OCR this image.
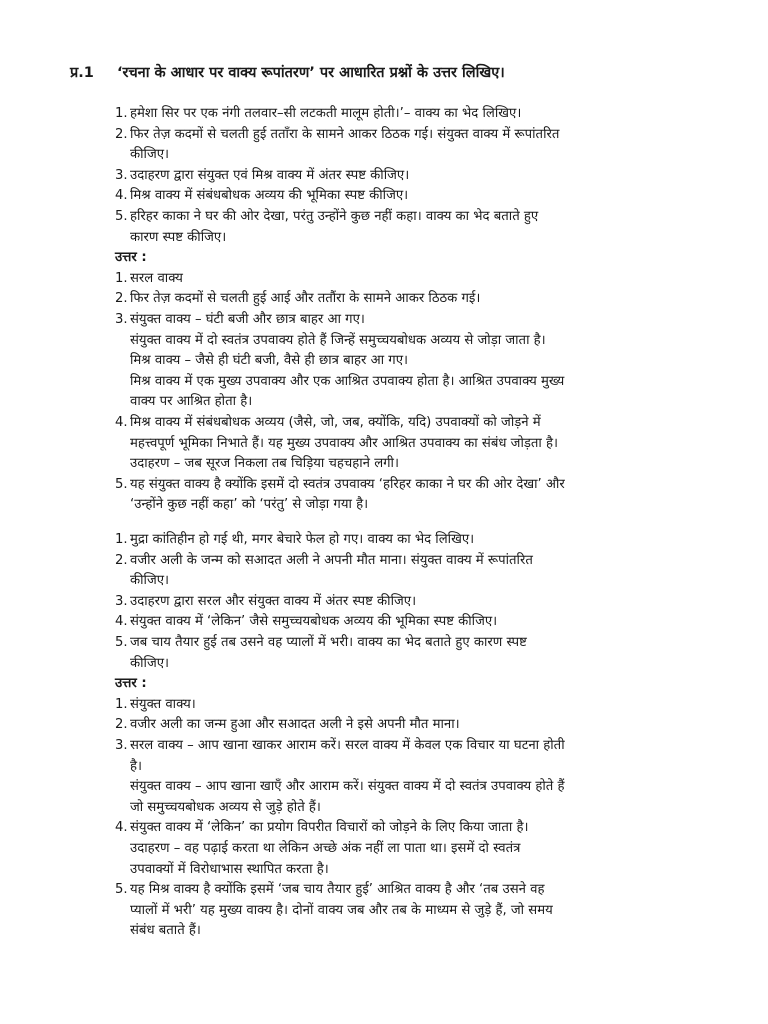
प्र.1 ‘रचना के आधार पर वाक्य रूपांतरण’ पर आधारित प्रश्नों के उत्तर लिखिए।
1. हमेशा सिर पर एक नंगी तलवार–सी लटकती मालूम होती।’– वाक्य का भेद लिखिए।
2. फिर तेज़ कदमों से चलती हुई तताँरा के सामने आकर ठिठक गई। संयुक्त वाक्य में रूपांतरित
कीजिए।
3. उदाहरण द्वारा संयुक्त एवं मिश्र वाक्य में अंतर स्पष्ट कीजिए।
4. मिश्र वाक्य में संबंधबोधक अव्यय की भूमिका स्पष्ट कीजिए।
5. हरिहर काका ने घर की ओर देखा, परंतु उन्होंने कुछ नहीं कहा। वाक्य का भेद बताते हुए
कारण स्पष्ट कीजिए।
उत्तर :
1. सरल वाक्य
2. फिर तेज़ कदमों से चलती हुई आई और ततौंरा के सामने आकर ठिठक गई।
3. संयुक्त वाक्य – घंटी बजी और छात्र बाहर आ गए।
संयुक्त वाक्य में दो स्वतंत्र उपवाक्य होते हैं जिन्हें समुच्चयबोधक अव्यय से जोड़ा जाता है।
मिश्र वाक्य – जैसे ही घंटी बजी, वैसे ही छात्र बाहर आ गए।
मिश्र वाक्य में एक मुख्य उपवाक्य और एक आश्रित उपवाक्य होता है। आश्रित उपवाक्य मुख्य
वाक्य पर आश्रित होता है।
4. मिश्र वाक्य में संबंधबोधक अव्यय (जैसे, जो, जब, क्योंकि, यदि) उपवाक्यों को जोड़ने में
महत्त्वपूर्ण भूमिका निभाते हैं। यह मुख्य उपवाक्य और आश्रित उपवाक्य का संबंध जोड़ता है।
उदाहरण – जब सूरज निकला तब चिड़िया चहचहाने लगी।
5. यह संयुक्त वाक्य है क्योंकि इसमें दो स्वतंत्र उपवाक्य ‘हरिहर काका ने घर की ओर देखा’ और
‘उन्होंने कुछ नहीं कहा’ को ‘परंतु’ से जोड़ा गया है।
1. मुद्रा कांतिहीन हो गई थी, मगर बेचारे फेल हो गए। वाक्य का भेद लिखिए।
2. वजीर अली के जन्म को सआदत अली ने अपनी मौत माना। संयुक्त वाक्य में रूपांतरित
कीजिए।
3. उदाहरण द्वारा सरल और संयुक्त वाक्य में अंतर स्पष्ट कीजिए।
4. संयुक्त वाक्य में ‘लेकिन’ जैसे समुच्चयबोधक अव्यय की भूमिका स्पष्ट कीजिए।
5. जब चाय तैयार हुई तब उसने वह प्यालों में भरी। वाक्य का भेद बताते हुए कारण स्पष्ट
कीजिए।
उत्तर :
1. संयुक्त वाक्य।
2. वजीर अली का जन्म हुआ और सआदत अली ने इसे अपनी मौत माना।
3. सरल वाक्य – आप खाना खाकर आराम करें। सरल वाक्य में केवल एक विचार या घटना होती
है।
संयुक्त वाक्य – आप खाना खाएँ और आराम करें। संयुक्त वाक्य में दो स्वतंत्र उपवाक्य होते हैं
जो समुच्चयबोधक अव्यय से जुड़े होते हैं।
4. संयुक्त वाक्य में ‘लेकिन’ का प्रयोग विपरीत विचारों को जोड़ने के लिए किया जाता है।
उदाहरण – वह पढ़ाई करता था लेकिन अच्छे अंक नहीं ला पाता था। इसमें दो स्वतंत्र
उपवाक्यों में विरोधाभास स्थापित करता है।
5. यह मिश्र वाक्य है क्योंकि इसमें ‘जब चाय तैयार हुई’ आश्रित वाक्य है और ‘तब उसने वह
प्यालों में भरी’ यह मुख्य वाक्य है। दोनों वाक्य जब और तब के माध्यम से जुड़े हैं, जो समय
संबंध बताते हैं।
